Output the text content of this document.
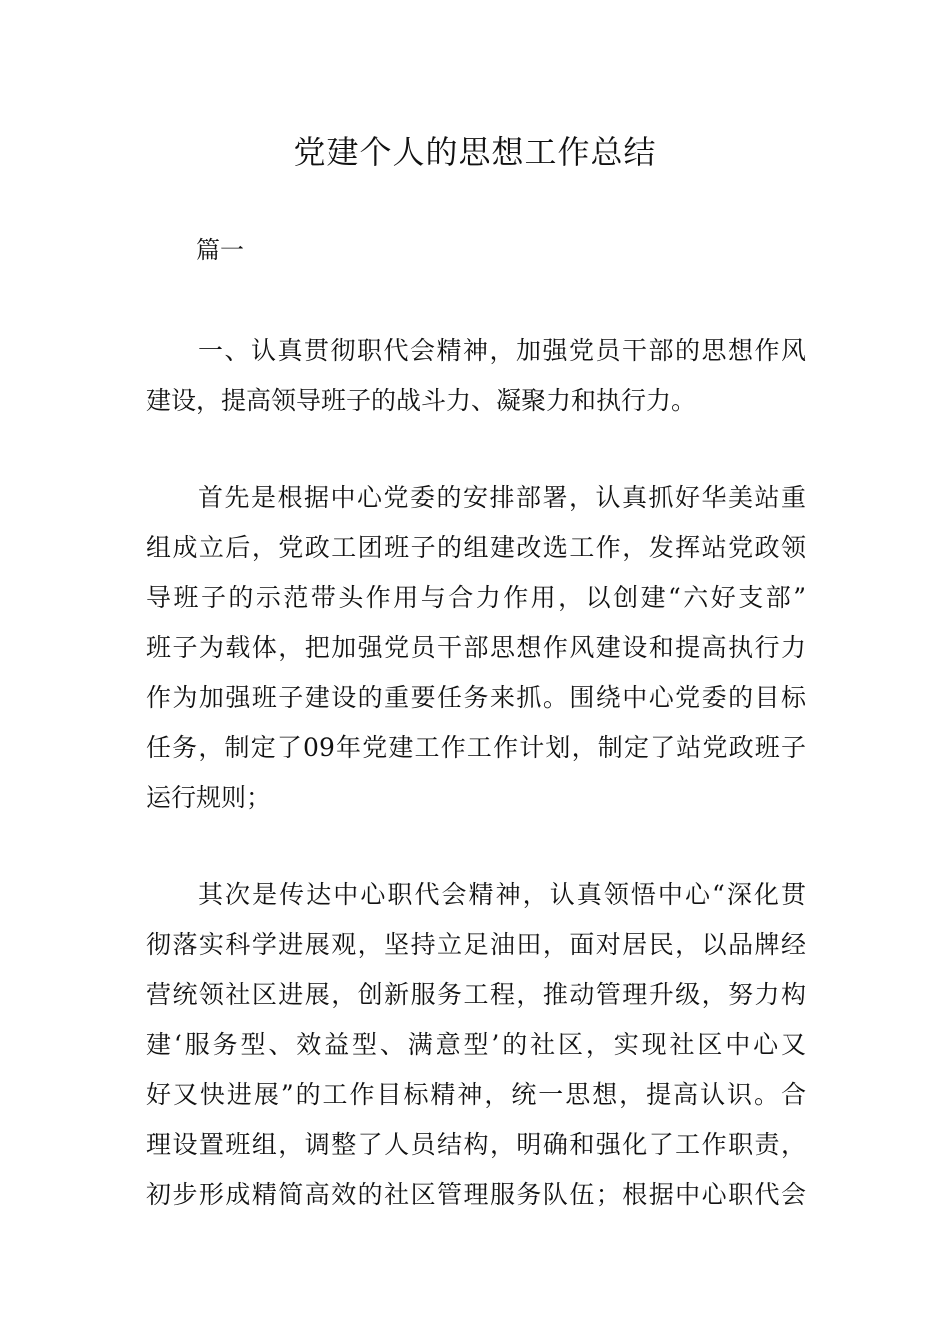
党建个人的思想工作总结
篇一

一、认真贯彻职代会精神，加强党员干部的思想作风
建设，提高领导班子的战斗力、凝聚力和执行力。

首先是根据中心党委的安排部署，认真抓好华美站重
组成立后，党政工团班子的组建改选工作，发挥站党政领
导班子的示范带头作用与合力作用，以创建“六好支部”
班子为载体，把加强党员干部思想作风建设和提高执行力
作为加强班子建设的重要任务来抓。围绕中心党委的目标
任务，制定了09年党建工作工作计划，制定了站党政班子
运行规则；

其次是传达中心职代会精神，认真领悟中心“深化贯
彻落实科学进展观，坚持立足油田，面对居民，以品牌经
营统领社区进展，创新服务工程，推动管理升级，努力构
建‘服务型、效益型、满意型’的社区，实现社区中心又
好又快进展”的工作目标精神，统一思想，提高认识。合
理设置班组，调整了人员结构，明确和强化了工作职责，
初步形成精简高效的社区管理服务队伍；根据中心职代会
